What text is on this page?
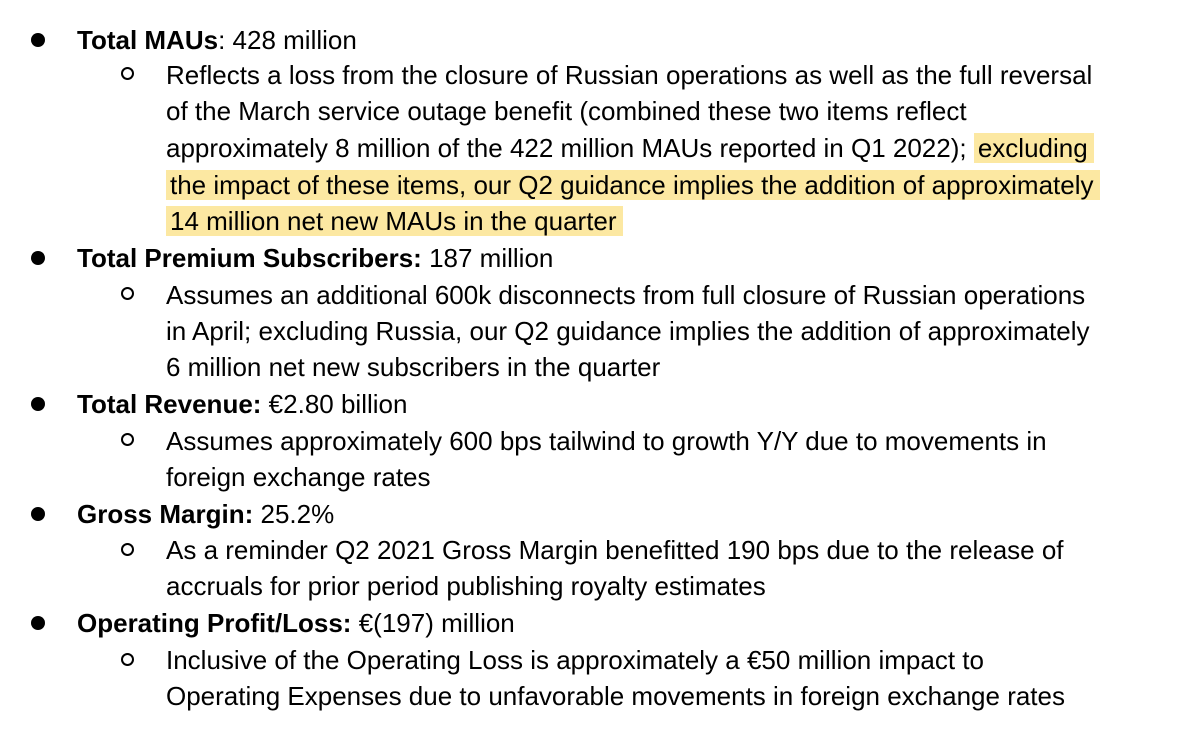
Total MAUs: 428 million
Reflects a loss from the closure of Russian operations as well as the full reversal
of the March service outage benefit (combined these two items reflect
approximately 8 million of the 422 million MAUs reported in Q1 2022); excluding
the impact of these items, our Q2 guidance implies the addition of approximately
14 million net new MAUs in the quarter
Total Premium Subscribers: 187 million
Assumes an additional 600k disconnects from full closure of Russian operations
in April; excluding Russia, our Q2 guidance implies the addition of approximately
6 million net new subscribers in the quarter
Total Revenue: €2.80 billion
Assumes approximately 600 bps tailwind to growth Y/Y due to movements in
foreign exchange rates
Gross Margin: 25.2%
As a reminder Q2 2021 Gross Margin benefitted 190 bps due to the release of
accruals for prior period publishing royalty estimates
Operating Profit/Loss: €(197) million
Inclusive of the Operating Loss is approximately a €50 million impact to
Operating Expenses due to unfavorable movements in foreign exchange rates
